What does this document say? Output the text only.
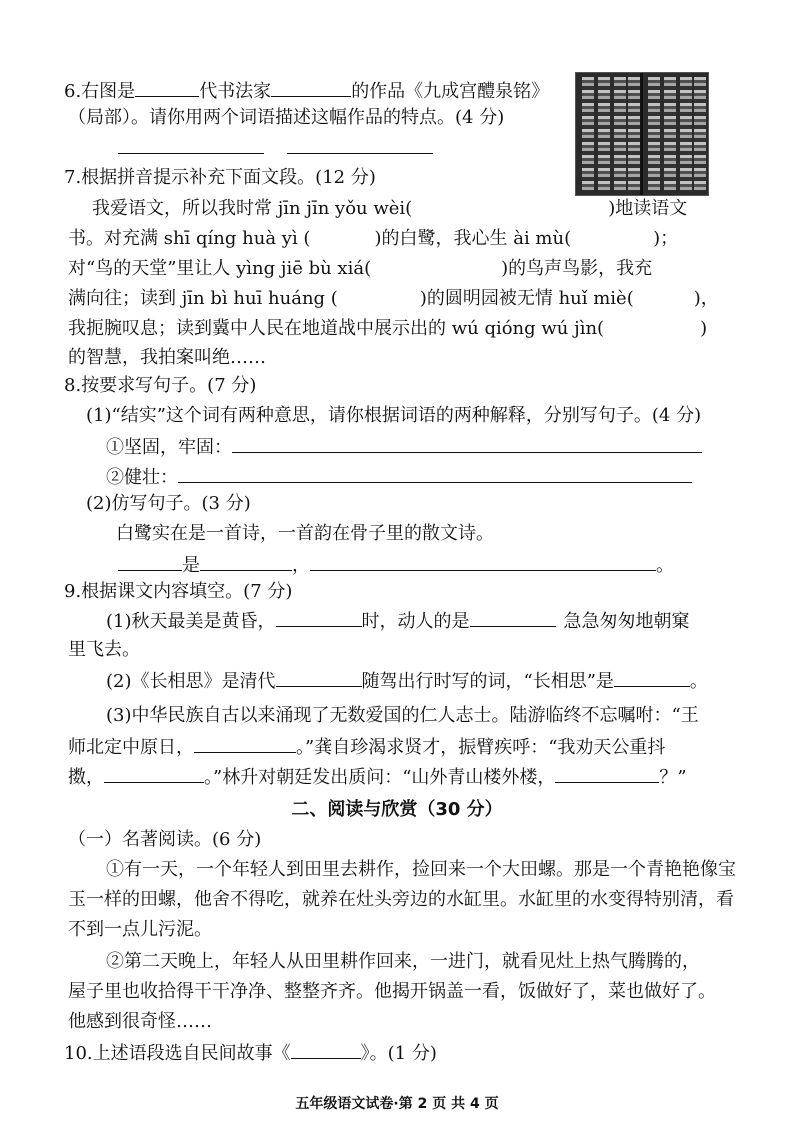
6.右图是	代书法家	的作品《九成宫醴泉铭》
（局部）。请你用两个词语描述这幅作品的特点。(4 分)
7.根据拼音提示补充下面文段。(12 分)
我爱语文，所以我时常 jīn jīn yǒu wèi(	)地读语文
书。对充满 shī qíng huà yì (	)的白鹭，我心生 ài mù(	)；
对“鸟的天堂”里让人 yìng jiē bù xiá(	)的鸟声鸟影，我充
满向往；读到 jīn bì huī huáng (	)的圆明园被无情 huǐ miè(	)，
我扼腕叹息；读到冀中人民在地道战中展示出的 wú qióng wú jìn(	)
的智慧，我拍案叫绝……
8.按要求写句子。(7 分)
(1)“结实”这个词有两种意思，请你根据词语的两种解释，分别写句子。(4 分)
①坚固，牢固：
②健壮：
(2)仿写句子。(3 分)
白鹭实在是一首诗，一首韵在骨子里的散文诗。
是	，	。
9.根据课文内容填空。(7 分)
(1)秋天最美是黄昏，	时，动人的是	急急匆匆地朝窠
里飞去。
(2)《长相思》是清代	随驾出行时写的词，“长相思”是	。
(3)中华民族自古以来涌现了无数爱国的仁人志士。陆游临终不忘嘱咐：“王
师北定中原日，	。”龚自珍渴求贤才，振臂疾呼：“我劝天公重抖
擞，	。”林升对朝廷发出质问：“山外青山楼外楼，	？”
二、阅读与欣赏（30 分）
（一）名著阅读。(6 分)
①有一天，一个年轻人到田里去耕作，捡回来一个大田螺。那是一个青艳艳像宝
玉一样的田螺，他舍不得吃，就养在灶头旁边的水缸里。水缸里的水变得特别清，看
不到一点儿污泥。
②第二天晚上，年轻人从田里耕作回来，一进门，就看见灶上热气腾腾的，
屋子里也收拾得干干净净、整整齐齐。他揭开锅盖一看，饭做好了，菜也做好了。
他感到很奇怪……
10.上述语段选自民间故事《	》。(1 分)
五年级语文试卷·第 2 页 共 4 页
